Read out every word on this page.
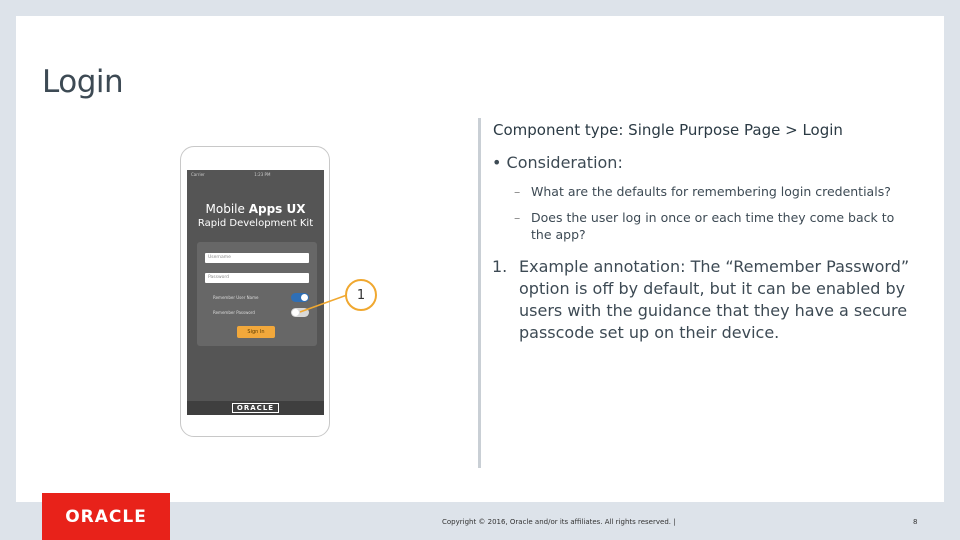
Login
Carrier	1:23 PM
Mobile Apps UX
Rapid Development Kit
Username
Password
Remember User Name
Remember Password
Sign In
ORACLE
1
Component type: Single Purpose Page > Login
• Consideration:
– What are the defaults for remembering login credentials?
– Does the user log in once or each time they come back to the app?
1. Example annotation: The “Remember Password” option is off by default, but it can be enabled by users with the guidance that they have a secure passcode set up on their device.
ORACLE	Copyright © 2016, Oracle and/or its affiliates. All rights reserved. |	8
